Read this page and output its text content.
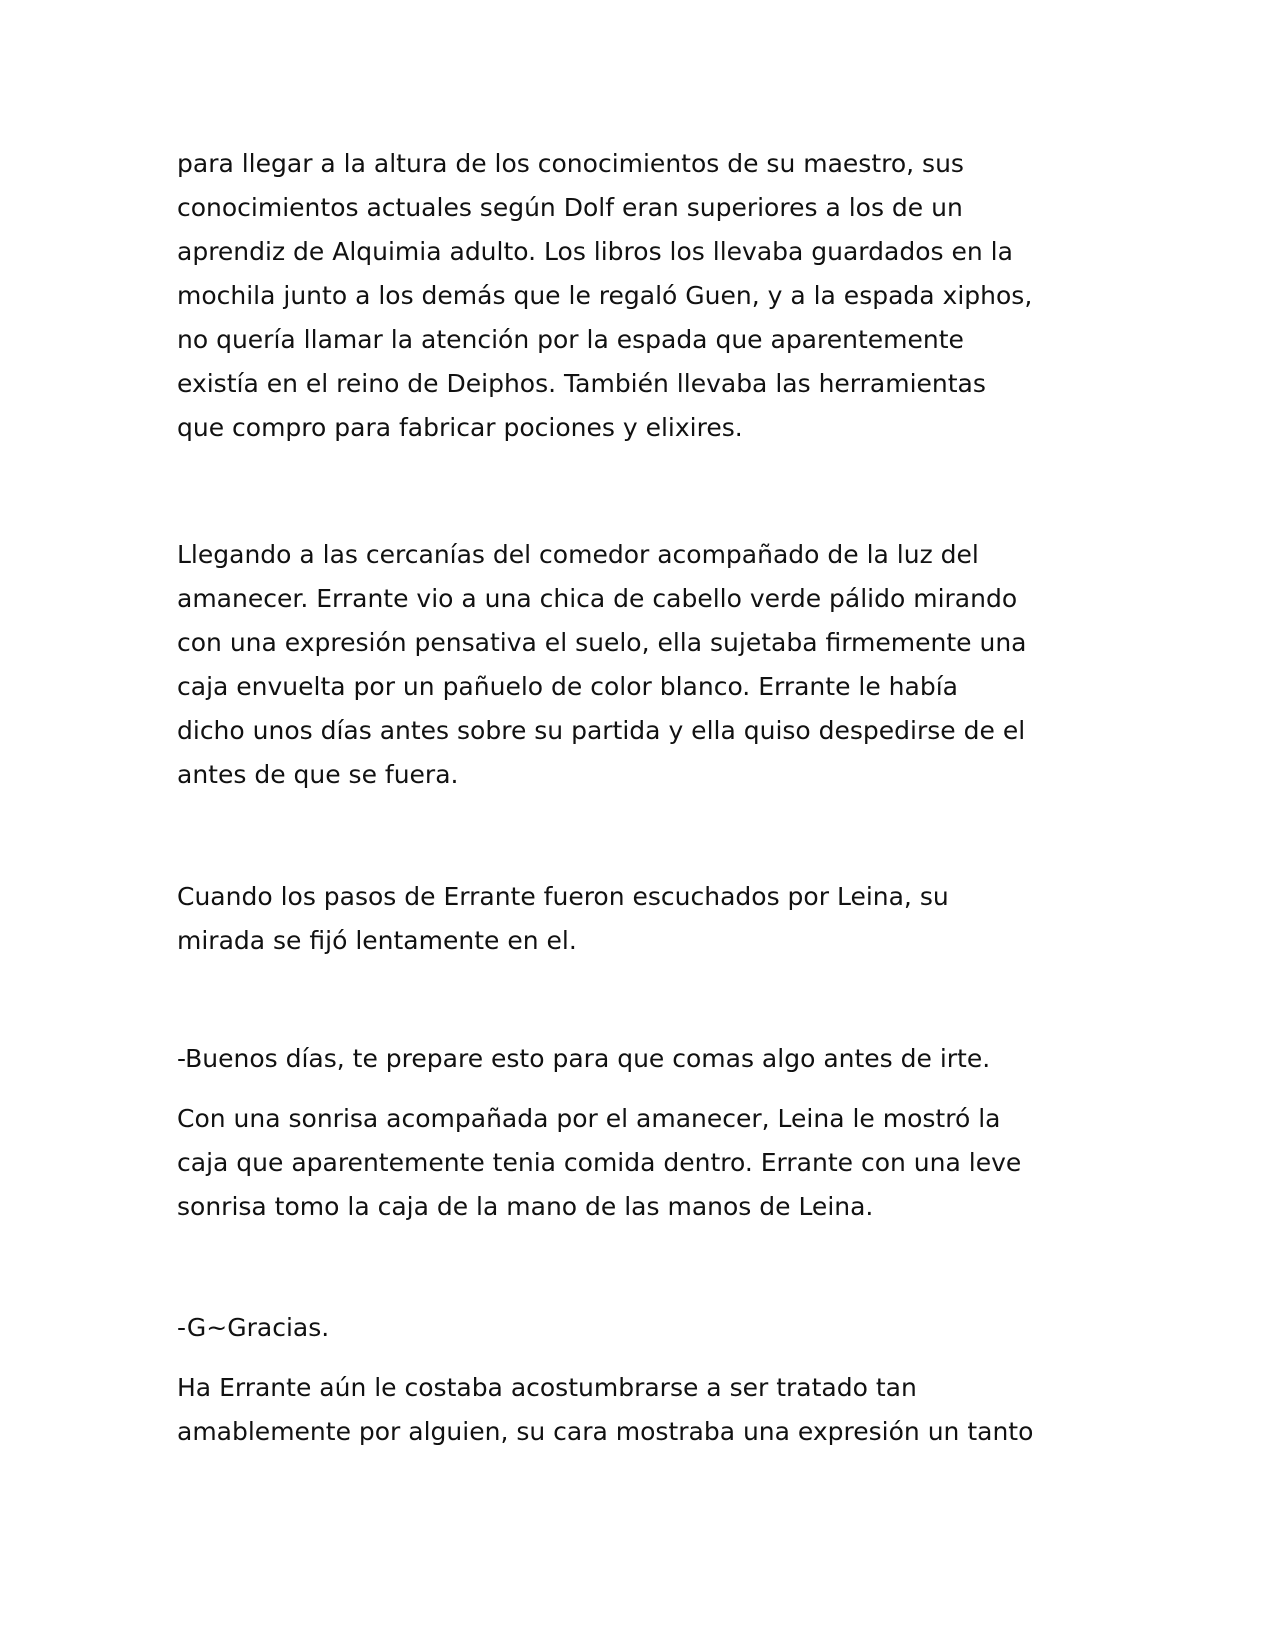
para llegar a la altura de los conocimientos de su maestro, sus
conocimientos actuales según Dolf eran superiores a los de un
aprendiz de Alquimia adulto. Los libros los llevaba guardados en la
mochila junto a los demás que le regaló Guen, y a la espada xiphos,
no quería llamar la atención por la espada que aparentemente
existía en el reino de Deiphos. También llevaba las herramientas
que compro para fabricar pociones y elixires.
Llegando a las cercanías del comedor acompañado de la luz del
amanecer. Errante vio a una chica de cabello verde pálido mirando
con una expresión pensativa el suelo, ella sujetaba firmemente una
caja envuelta por un pañuelo de color blanco. Errante le había
dicho unos días antes sobre su partida y ella quiso despedirse de el
antes de que se fuera.
Cuando los pasos de Errante fueron escuchados por Leina, su
mirada se fijó lentamente en el.
-Buenos días, te prepare esto para que comas algo antes de irte.
Con una sonrisa acompañada por el amanecer, Leina le mostró la
caja que aparentemente tenia comida dentro. Errante con una leve
sonrisa tomo la caja de la mano de las manos de Leina.
-G~Gracias.
Ha Errante aún le costaba acostumbrarse a ser tratado tan
amablemente por alguien, su cara mostraba una expresión un tanto
